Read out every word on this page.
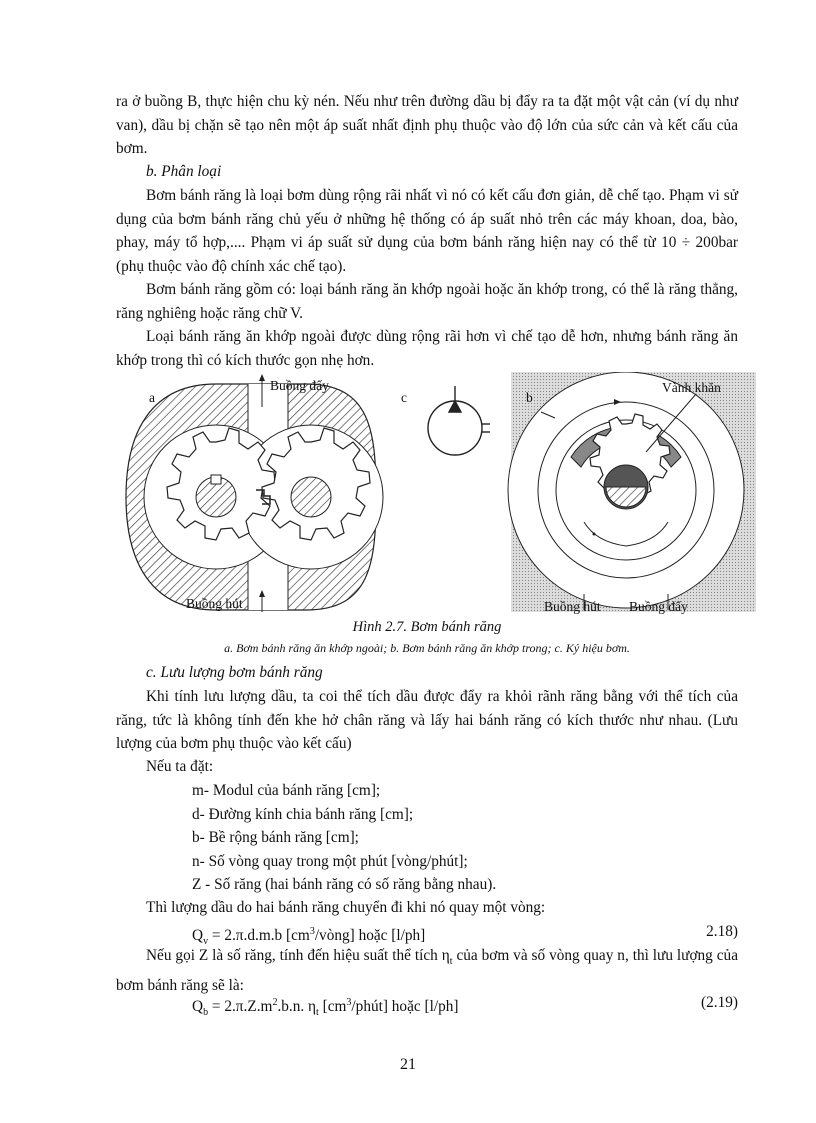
ra ở buồng B, thực hiện chu kỳ nén. Nếu như trên đường dầu bị đẩy ra ta đặt một vật cản (ví dụ như van), dầu bị chặn sẽ tạo nên một áp suất nhất định phụ thuộc vào độ lớn của sức cản và kết cấu của bơm.

b. Phân loại

Bơm bánh răng là loại bơm dùng rộng rãi nhất vì nó có kết cấu đơn giản, dễ chế tạo. Phạm vi sử dụng của bơm bánh răng chủ yếu ở những hệ thống có áp suất nhỏ trên các máy khoan, doa, bào, phay, máy tổ hợp,.... Phạm vi áp suất sử dụng của bơm bánh răng hiện nay có thể từ 10 ÷ 200bar (phụ thuộc vào độ chính xác chế tạo).

Bơm bánh răng gồm có: loại bánh răng ăn khớp ngoài hoặc ăn khớp trong, có thể là răng thẳng, răng nghiêng hoặc răng chữ V.

Loại bánh răng ăn khớp ngoài được dùng rộng rãi hơn vì chế tạo dễ hơn, nhưng bánh răng ăn khớp trong thì có kích thước gọn nhẹ hơn.

a	c	b
Buồng đẩy
Buồng hút
Vành khăn
Buồng hút Buồng đẩy
Hình 2.7. Bơm bánh răng
a. Bơm bánh răng ăn khớp ngoài; b. Bơm bánh răng ăn khớp trong; c. Ký hiệu bơm.

c. Lưu lượng bơm bánh răng

Khi tính lưu lượng dầu, ta coi thể tích dầu được đẩy ra khỏi rãnh răng bằng với thể tích của răng, tức là không tính đến khe hở chân răng và lấy hai bánh răng có kích thước như nhau. (Lưu lượng của bơm phụ thuộc vào kết cấu)

Nếu ta đặt:

m- Modul của bánh răng [cm];
d- Đường kính chia bánh răng [cm];
b- Bề rộng bánh răng [cm];
n- Số vòng quay trong một phút [vòng/phút];
Z - Số răng (hai bánh răng có số răng bằng nhau).

Thì lượng dầu do hai bánh răng chuyển đi khi nó quay một vòng:

$Q_v = 2.\pi.d.m.b$ $[cm^3/vòng]$ hoặc [l/ph]	2.18)

Nếu gọi Z là số răng, tính đến hiệu suất thể tích $\eta_t$ của bơm và số vòng quay n, thì lưu lượng của bơm bánh răng sẽ là:

$Q_b = 2.\pi.Z.m^2.b.n$. $\eta_t$ $[cm^3/phút]$ hoặc [l/ph]	(2.19)
21
